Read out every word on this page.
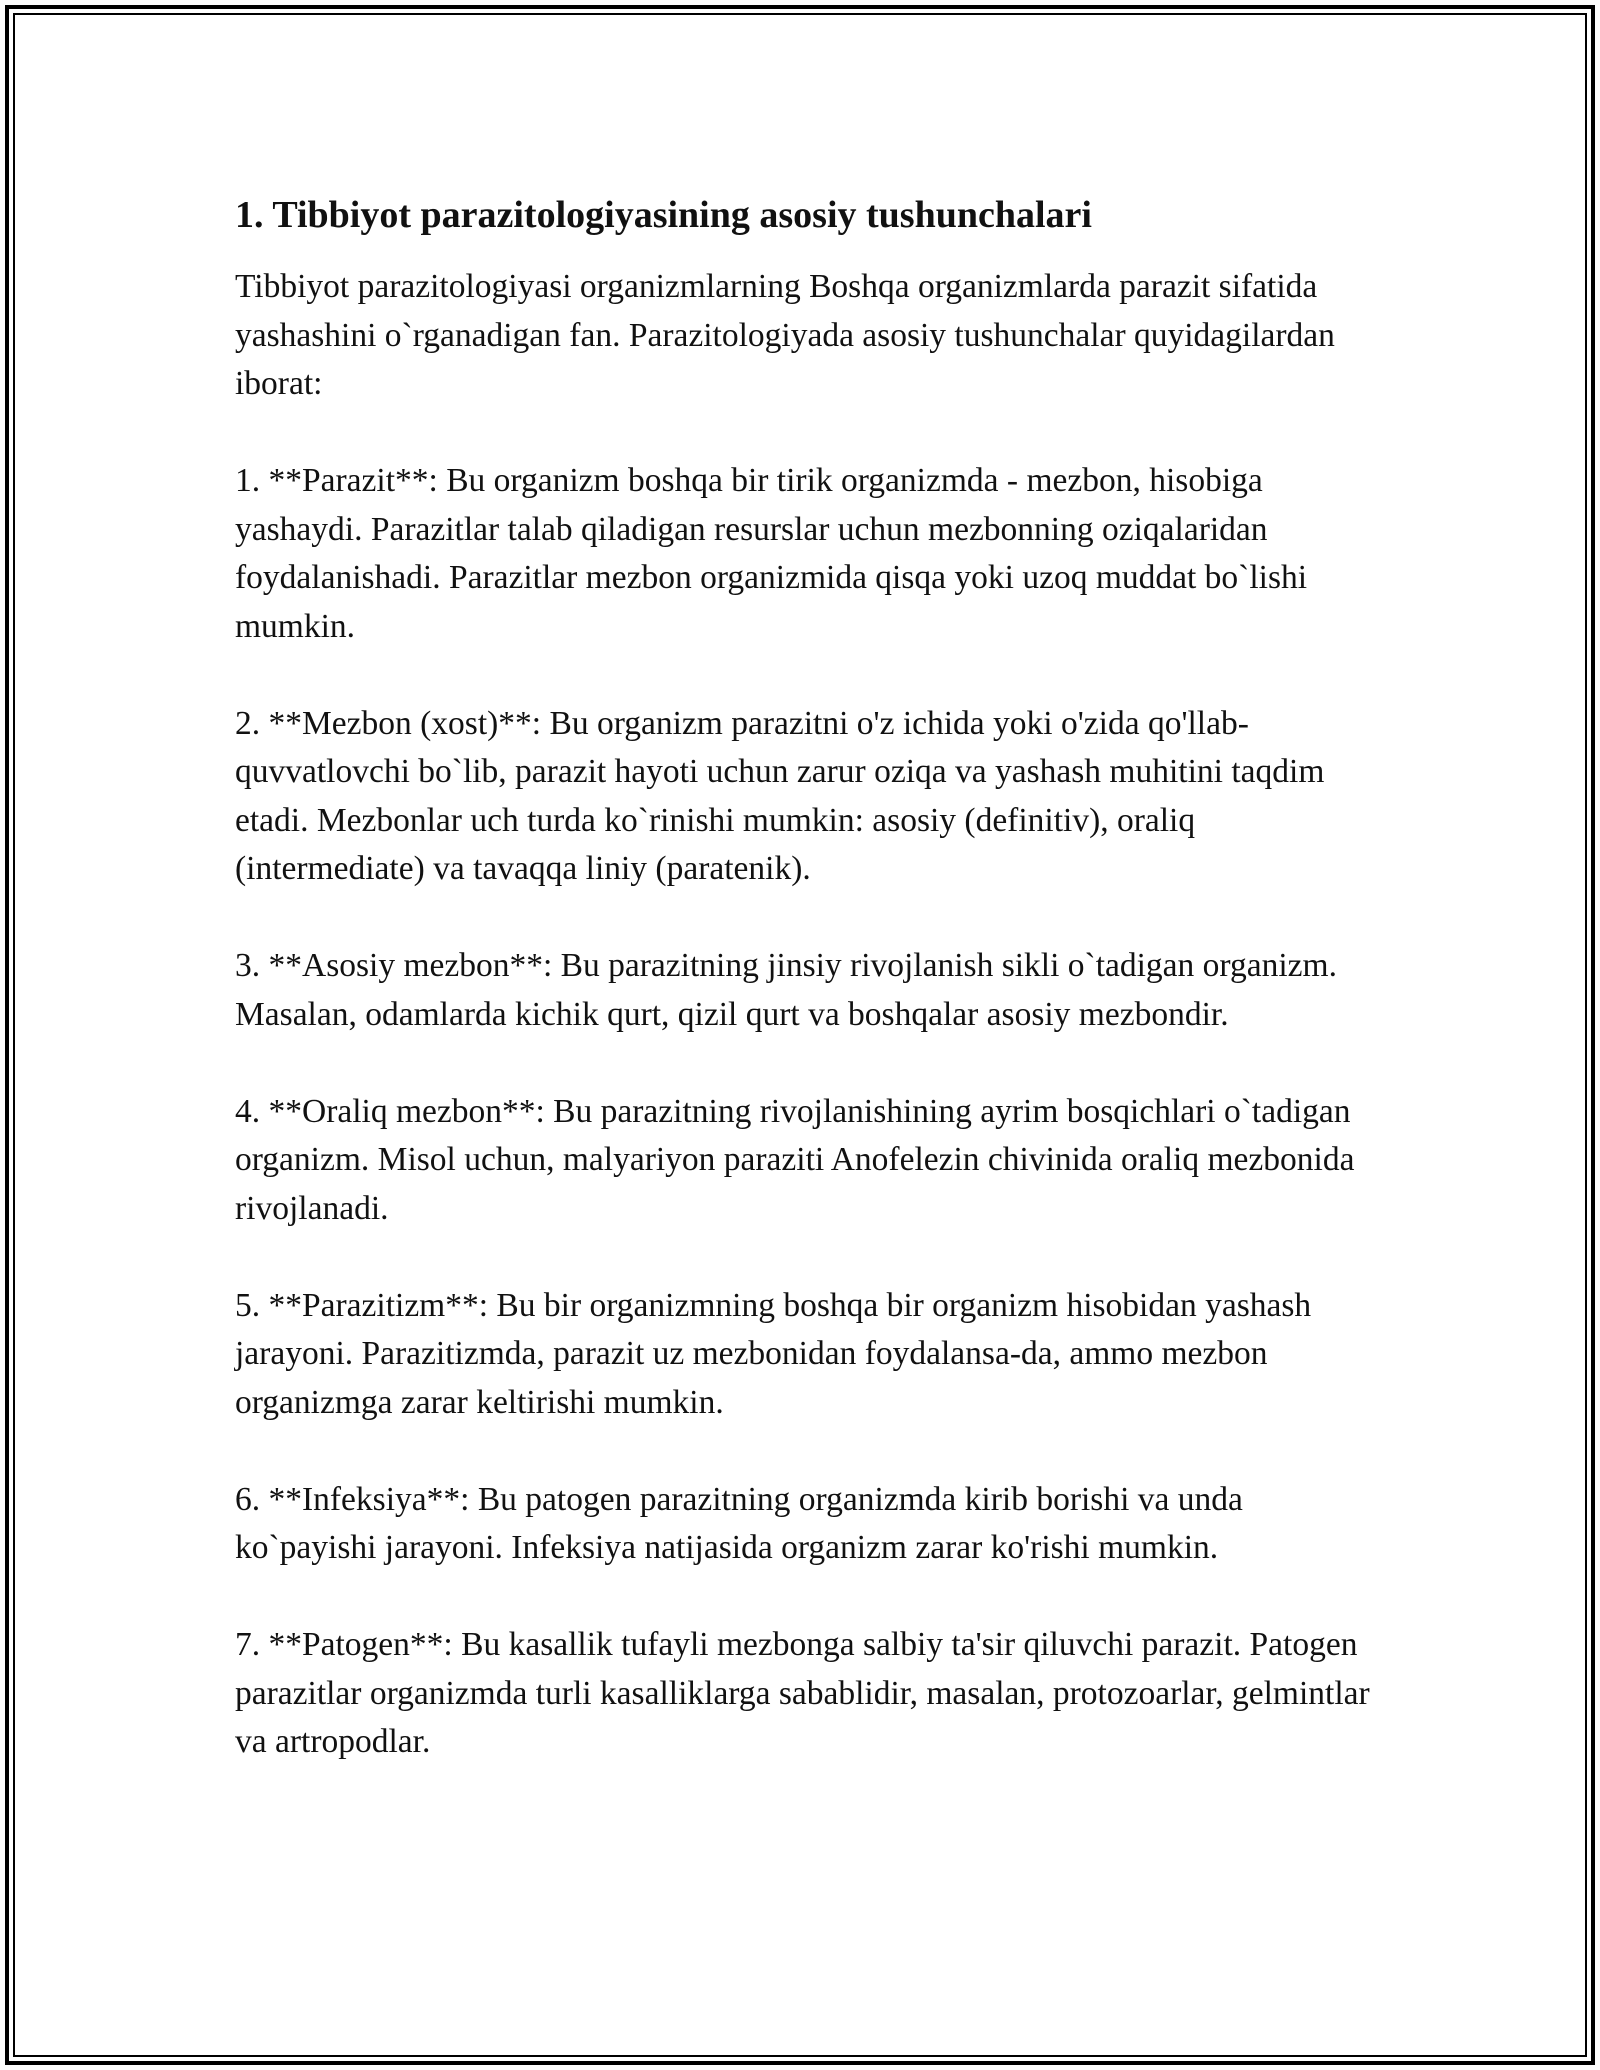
1. Tibbiyot parazitologiyasining asosiy tushunchalari

Tibbiyot parazitologiyasi organizmlarning Boshqa organizmlarda parazit sifatida yashashini o`rganadigan fan. Parazitologiyada asosiy tushunchalar quyidagilardan iborat:

1. **Parazit**: Bu organizm boshqa bir tirik organizmda - mezbon, hisobiga yashaydi. Parazitlar talab qiladigan resurslar uchun mezbonning oziqalaridan foydalanishadi. Parazitlar mezbon organizmida qisqa yoki uzoq muddat bo`lishi mumkin.

2. **Mezbon (xost)**: Bu organizm parazitni o'z ichida yoki o'zida qo'llab-quvvatlovchi bo`lib, parazit hayoti uchun zarur oziqa va yashash muhitini taqdim etadi. Mezbonlar uch turda ko`rinishi mumkin: asosiy (definitiv), oraliq (intermediate) va tavaqqa liniy (paratenik).

3. **Asosiy mezbon**: Bu parazitning jinsiy rivojlanish sikli o`tadigan organizm. Masalan, odamlarda kichik qurt, qizil qurt va boshqalar asosiy mezbondir.

4. **Oraliq mezbon**: Bu parazitning rivojlanishining ayrim bosqichlari o`tadigan organizm. Misol uchun, malyariyon paraziti Anofelezin chivinida oraliq mezbonida rivojlanadi.

5. **Parazitizm**: Bu bir organizmning boshqa bir organizm hisobidan yashash jarayoni. Parazitizmda, parazit uz mezbonidan foydalansa-da, ammo mezbon organizmga zarar keltirishi mumkin.

6. **Infeksiya**: Bu patogen parazitning organizmda kirib borishi va unda ko`payishi jarayoni. Infeksiya natijasida organizm zarar ko'rishi mumkin.

7. **Patogen**: Bu kasallik tufayli mezbonga salbiy ta'sir qiluvchi parazit. Patogen parazitlar organizmda turli kasalliklarga sabablidir, masalan, protozoarlar, gelmintlar va artropodlar.
